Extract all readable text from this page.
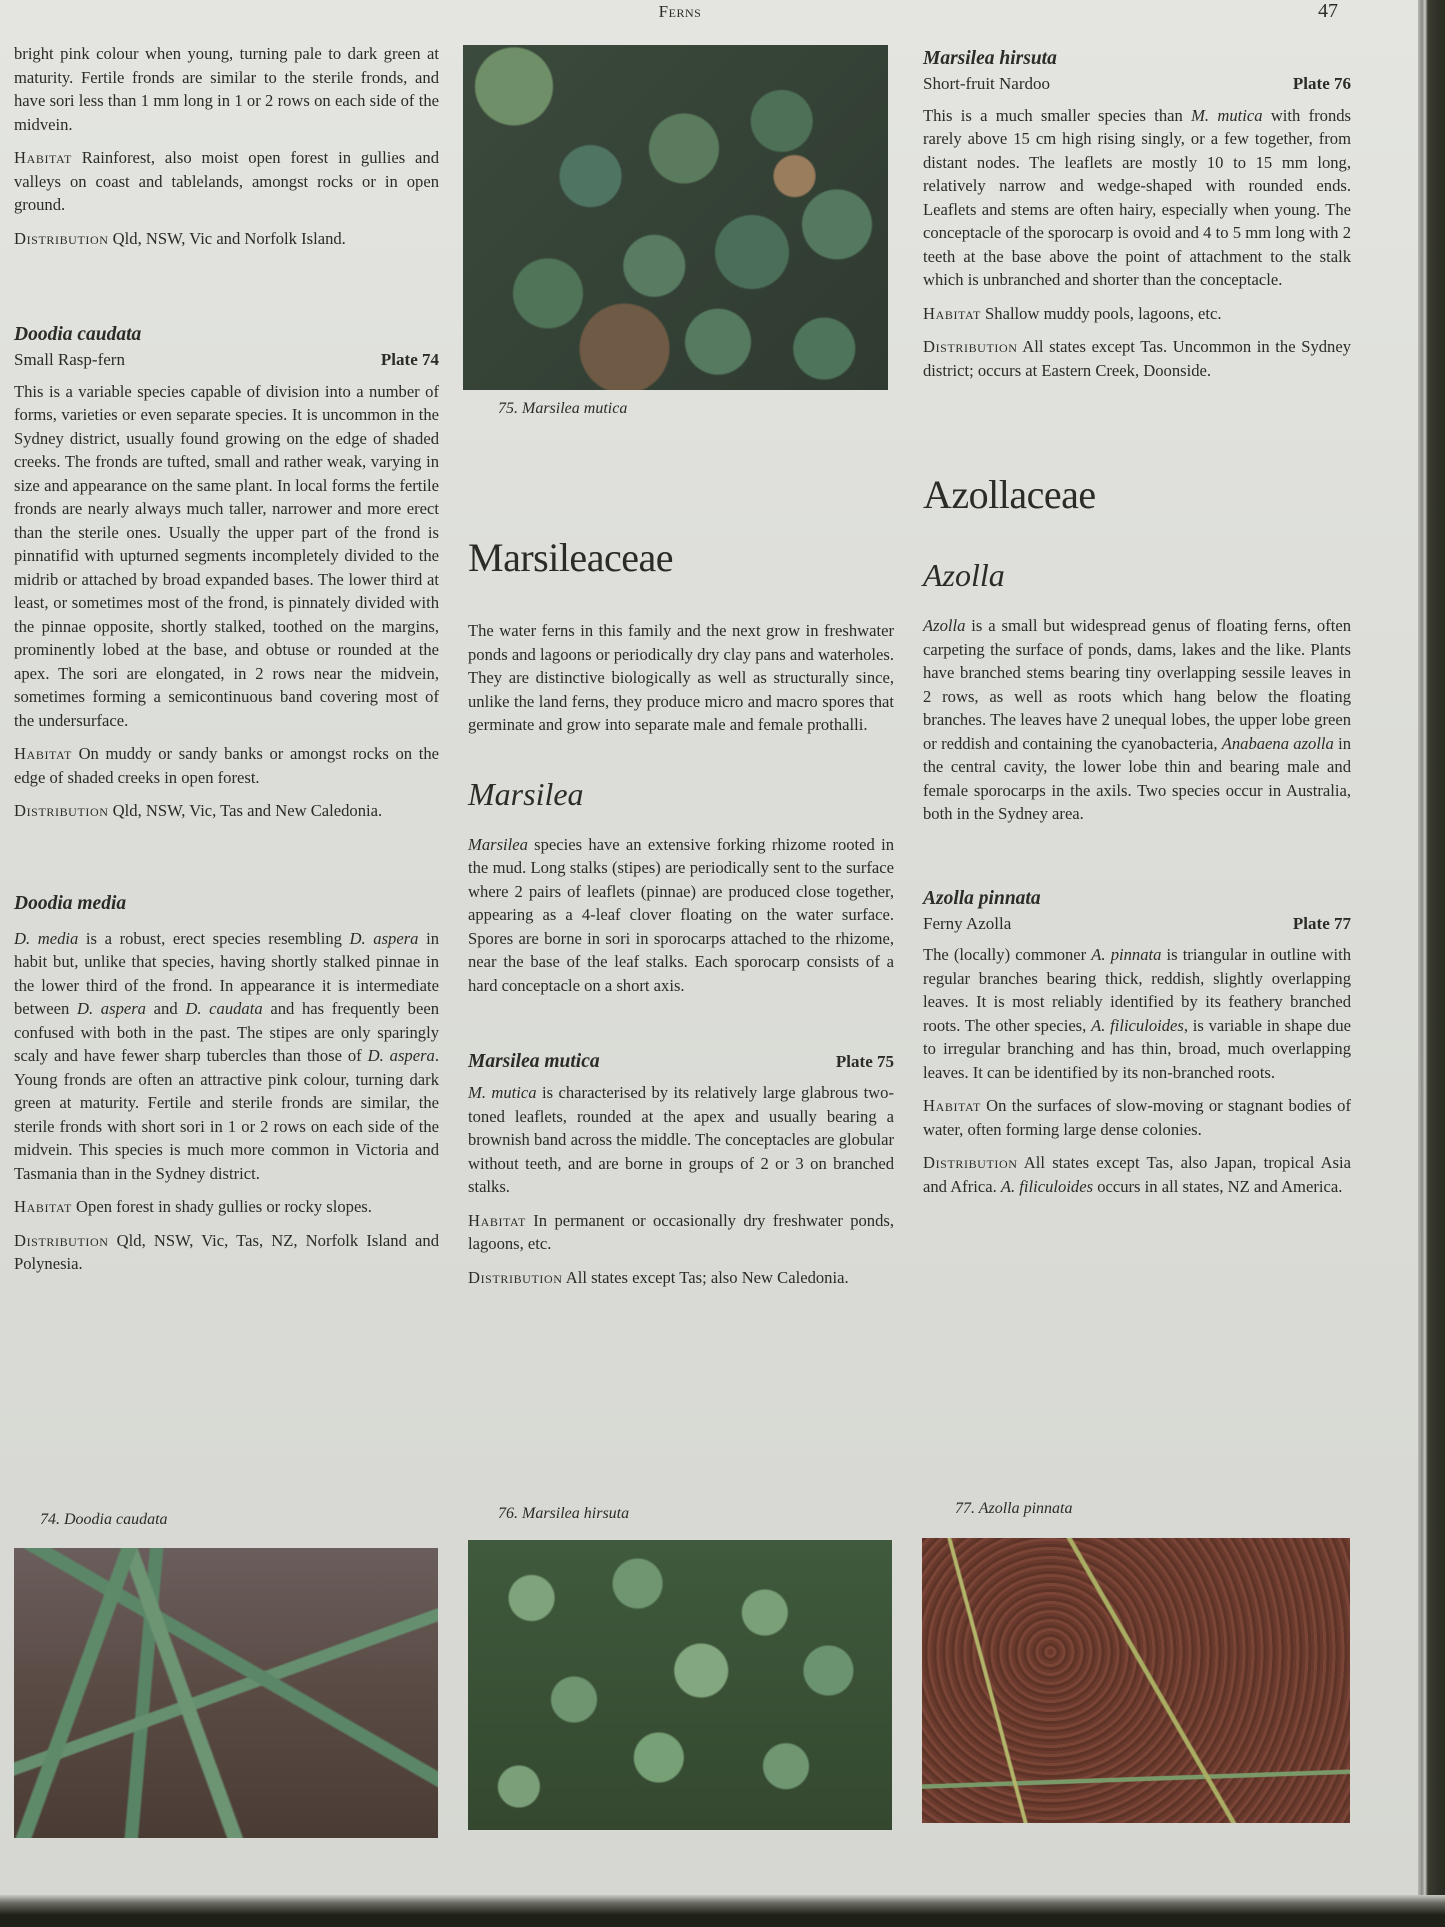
Ferns	47

bright pink colour when young, turning pale to dark green at maturity. Fertile fronds are similar to the sterile fronds, and have sori less than 1 mm long in 1 or 2 rows on each side of the midvein.

Habitat Rainforest, also moist open forest in gullies and valleys on coast and tablelands, amongst rocks or in open ground.

Distribution Qld, NSW, Vic and Norfolk Island.

Doodia caudata
Small Rasp-fern	Plate 74

This is a variable species capable of division into a number of forms, varieties or even separate species. It is uncommon in the Sydney district, usually found growing on the edge of shaded creeks. The fronds are tufted, small and rather weak, varying in size and appearance on the same plant. In local forms the fertile fronds are nearly always much taller, narrower and more erect than the sterile ones. Usually the upper part of the frond is pinnatifid with upturned segments incompletely divided to the midrib or attached by broad expanded bases. The lower third at least, or sometimes most of the frond, is pinnately divided with the pinnae opposite, shortly stalked, toothed on the margins, prominently lobed at the base, and obtuse or rounded at the apex. The sori are elongated, in 2 rows near the midvein, sometimes forming a semicontinuous band covering most of the undersurface.

Habitat On muddy or sandy banks or amongst rocks on the edge of shaded creeks in open forest.

Distribution Qld, NSW, Vic, Tas and New Caledonia.

Doodia media

D. media is a robust, erect species resembling D. aspera in habit but, unlike that species, having shortly stalked pinnae in the lower third of the frond. In appearance it is intermediate between D. aspera and D. caudata and has frequently been confused with both in the past. The stipes are only sparingly scaly and have fewer sharp tubercles than those of D. aspera. Young fronds are often an attractive pink colour, turning dark green at maturity. Fertile and sterile fronds are similar, the sterile fronds with short sori in 1 or 2 rows on each side of the midvein. This species is much more common in Victoria and Tasmania than in the Sydney district.

Habitat Open forest in shady gullies or rocky slopes.

Distribution Qld, NSW, Vic, Tas, NZ, Norfolk Island and Polynesia.

75. Marsilea mutica
Marsileaceae

The water ferns in this family and the next grow in freshwater ponds and lagoons or periodically dry clay pans and waterholes. They are distinctive biologically as well as structurally since, unlike the land ferns, they produce micro and macro spores that germinate and grow into separate male and female prothalli.

Marsilea

Marsilea species have an extensive forking rhizome rooted in the mud. Long stalks (stipes) are periodically sent to the surface where 2 pairs of leaflets (pinnae) are produced close together, appearing as a 4-leaf clover floating on the water surface. Spores are borne in sori in sporocarps attached to the rhizome, near the base of the leaf stalks. Each sporocarp consists of a hard conceptacle on a short axis.

Marsilea mutica	Plate 75

M. mutica is characterised by its relatively large glabrous two-toned leaflets, rounded at the apex and usually bearing a brownish band across the middle. The conceptacles are globular without teeth, and are borne in groups of 2 or 3 on branched stalks.

Habitat In permanent or occasionally dry freshwater ponds, lagoons, etc.

Distribution All states except Tas; also New Caledonia.

Marsilea hirsuta
Short-fruit Nardoo	Plate 76

This is a much smaller species than M. mutica with fronds rarely above 15 cm high rising singly, or a few together, from distant nodes. The leaflets are mostly 10 to 15 mm long, relatively narrow and wedge-shaped with rounded ends. Leaflets and stems are often hairy, especially when young. The conceptacle of the sporocarp is ovoid and 4 to 5 mm long with 2 teeth at the base above the point of attachment to the stalk which is unbranched and shorter than the conceptacle.

Habitat Shallow muddy pools, lagoons, etc.

Distribution All states except Tas. Uncommon in the Sydney district; occurs at Eastern Creek, Doonside.

Azollaceae
Azolla

Azolla is a small but widespread genus of floating ferns, often carpeting the surface of ponds, dams, lakes and the like. Plants have branched stems bearing tiny overlapping sessile leaves in 2 rows, as well as roots which hang below the floating branches. The leaves have 2 unequal lobes, the upper lobe green or reddish and containing the cyanobacteria, Anabaena azolla in the central cavity, the lower lobe thin and bearing male and female sporocarps in the axils. Two species occur in Australia, both in the Sydney area.

Azolla pinnata
Ferny Azolla	Plate 77

The (locally) commoner A. pinnata is triangular in outline with regular branches bearing thick, reddish, slightly overlapping leaves. It is most reliably identified by its feathery branched roots. The other species, A. filiculoides, is variable in shape due to irregular branching and has thin, broad, much overlapping leaves. It can be identified by its non-branched roots.

Habitat On the surfaces of slow-moving or stagnant bodies of water, often forming large dense colonies.

Distribution All states except Tas, also Japan, tropical Asia and Africa. A. filiculoides occurs in all states, NZ and America.

74. Doodia caudata	76. Marsilea hirsuta	77. Azolla pinnata
